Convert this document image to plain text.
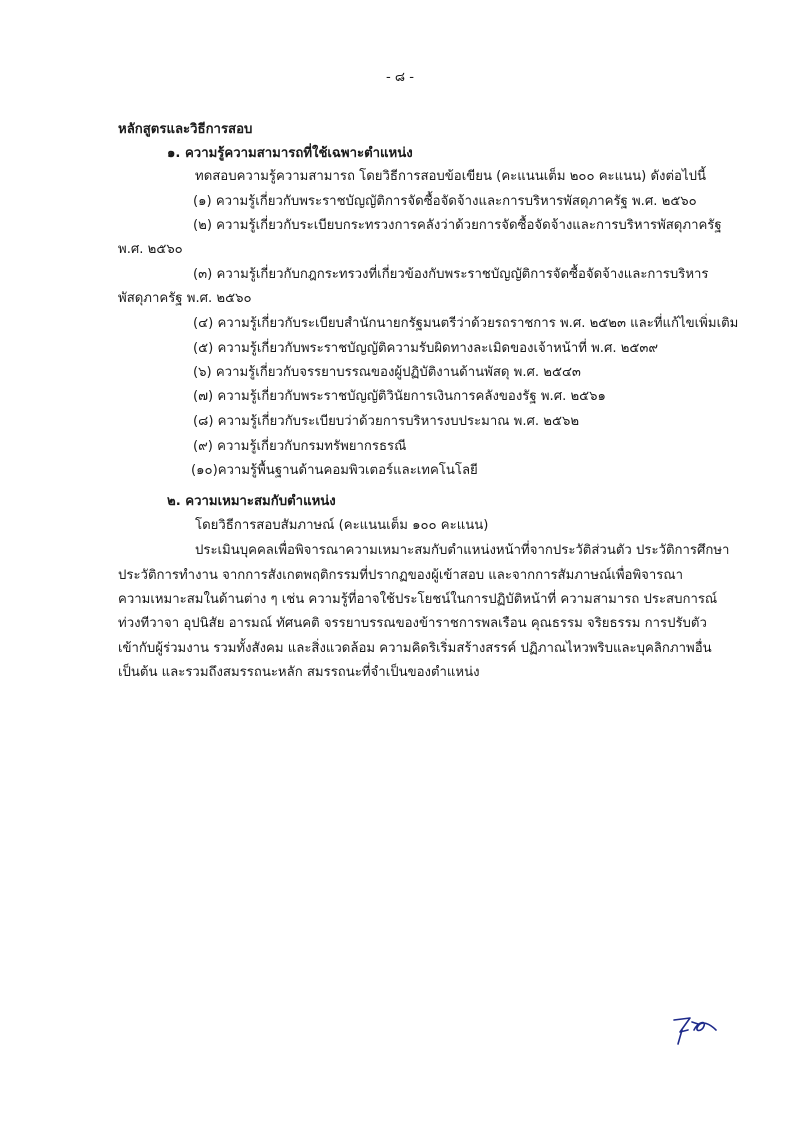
- ๘ -
หลักสูตรและวิธีการสอบ
๑. ความรู้ความสามารถที่ใช้เฉพาะตำแหน่ง
ทดสอบความรู้ความสามารถ โดยวิธีการสอบข้อเขียน (คะแนนเต็ม ๒๐๐ คะแนน) ดังต่อไปนี้
(๑) ความรู้เกี่ยวกับพระราชบัญญัติการจัดซื้อจัดจ้างและการบริหารพัสดุภาครัฐ พ.ศ. ๒๕๖๐
(๒) ความรู้เกี่ยวกับระเบียบกระทรวงการคลังว่าด้วยการจัดซื้อจัดจ้างและการบริหารพัสดุภาครัฐ
พ.ศ. ๒๕๖๐
(๓) ความรู้เกี่ยวกับกฎกระทรวงที่เกี่ยวข้องกับพระราชบัญญัติการจัดซื้อจัดจ้างและการบริหาร
พัสดุภาครัฐ พ.ศ. ๒๕๖๐
(๔) ความรู้เกี่ยวกับระเบียบสำนักนายกรัฐมนตรีว่าด้วยรถราชการ พ.ศ. ๒๕๒๓ และที่แก้ไขเพิ่มเติม
(๕) ความรู้เกี่ยวกับพระราชบัญญัติความรับผิดทางละเมิดของเจ้าหน้าที่ พ.ศ. ๒๕๓๙
(๖) ความรู้เกี่ยวกับจรรยาบรรณของผู้ปฏิบัติงานด้านพัสดุ พ.ศ. ๒๕๔๓
(๗) ความรู้เกี่ยวกับพระราชบัญญัติวินัยการเงินการคลังของรัฐ พ.ศ. ๒๕๖๑
(๘) ความรู้เกี่ยวกับระเบียบว่าด้วยการบริหารงบประมาณ พ.ศ. ๒๕๖๒
(๙) ความรู้เกี่ยวกับกรมทรัพยากรธรณี
(๑๐)ความรู้พื้นฐานด้านคอมพิวเตอร์และเทคโนโลยี
๒. ความเหมาะสมกับตำแหน่ง
โดยวิธีการสอบสัมภาษณ์ (คะแนนเต็ม ๑๐๐ คะแนน)
ประเมินบุคคลเพื่อพิจารณาความเหมาะสมกับตำแหน่งหน้าที่จากประวัติส่วนตัว ประวัติการศึกษา
ประวัติการทำงาน จากการสังเกตพฤติกรรมที่ปรากฏของผู้เข้าสอบ และจากการสัมภาษณ์เพื่อพิจารณา
ความเหมาะสมในด้านต่าง ๆ เช่น ความรู้ที่อาจใช้ประโยชน์ในการปฏิบัติหน้าที่ ความสามารถ ประสบการณ์
ท่วงทีวาจา อุปนิสัย อารมณ์ ทัศนคติ จรรยาบรรณของข้าราชการพลเรือน คุณธรรม จริยธรรม การปรับตัว
เข้ากับผู้ร่วมงาน รวมทั้งสังคม และสิ่งแวดล้อม ความคิดริเริ่มสร้างสรรค์ ปฏิภาณไหวพริบและบุคลิกภาพอื่น
เป็นต้น และรวมถึงสมรรถนะหลัก สมรรถนะที่จำเป็นของตำแหน่ง
